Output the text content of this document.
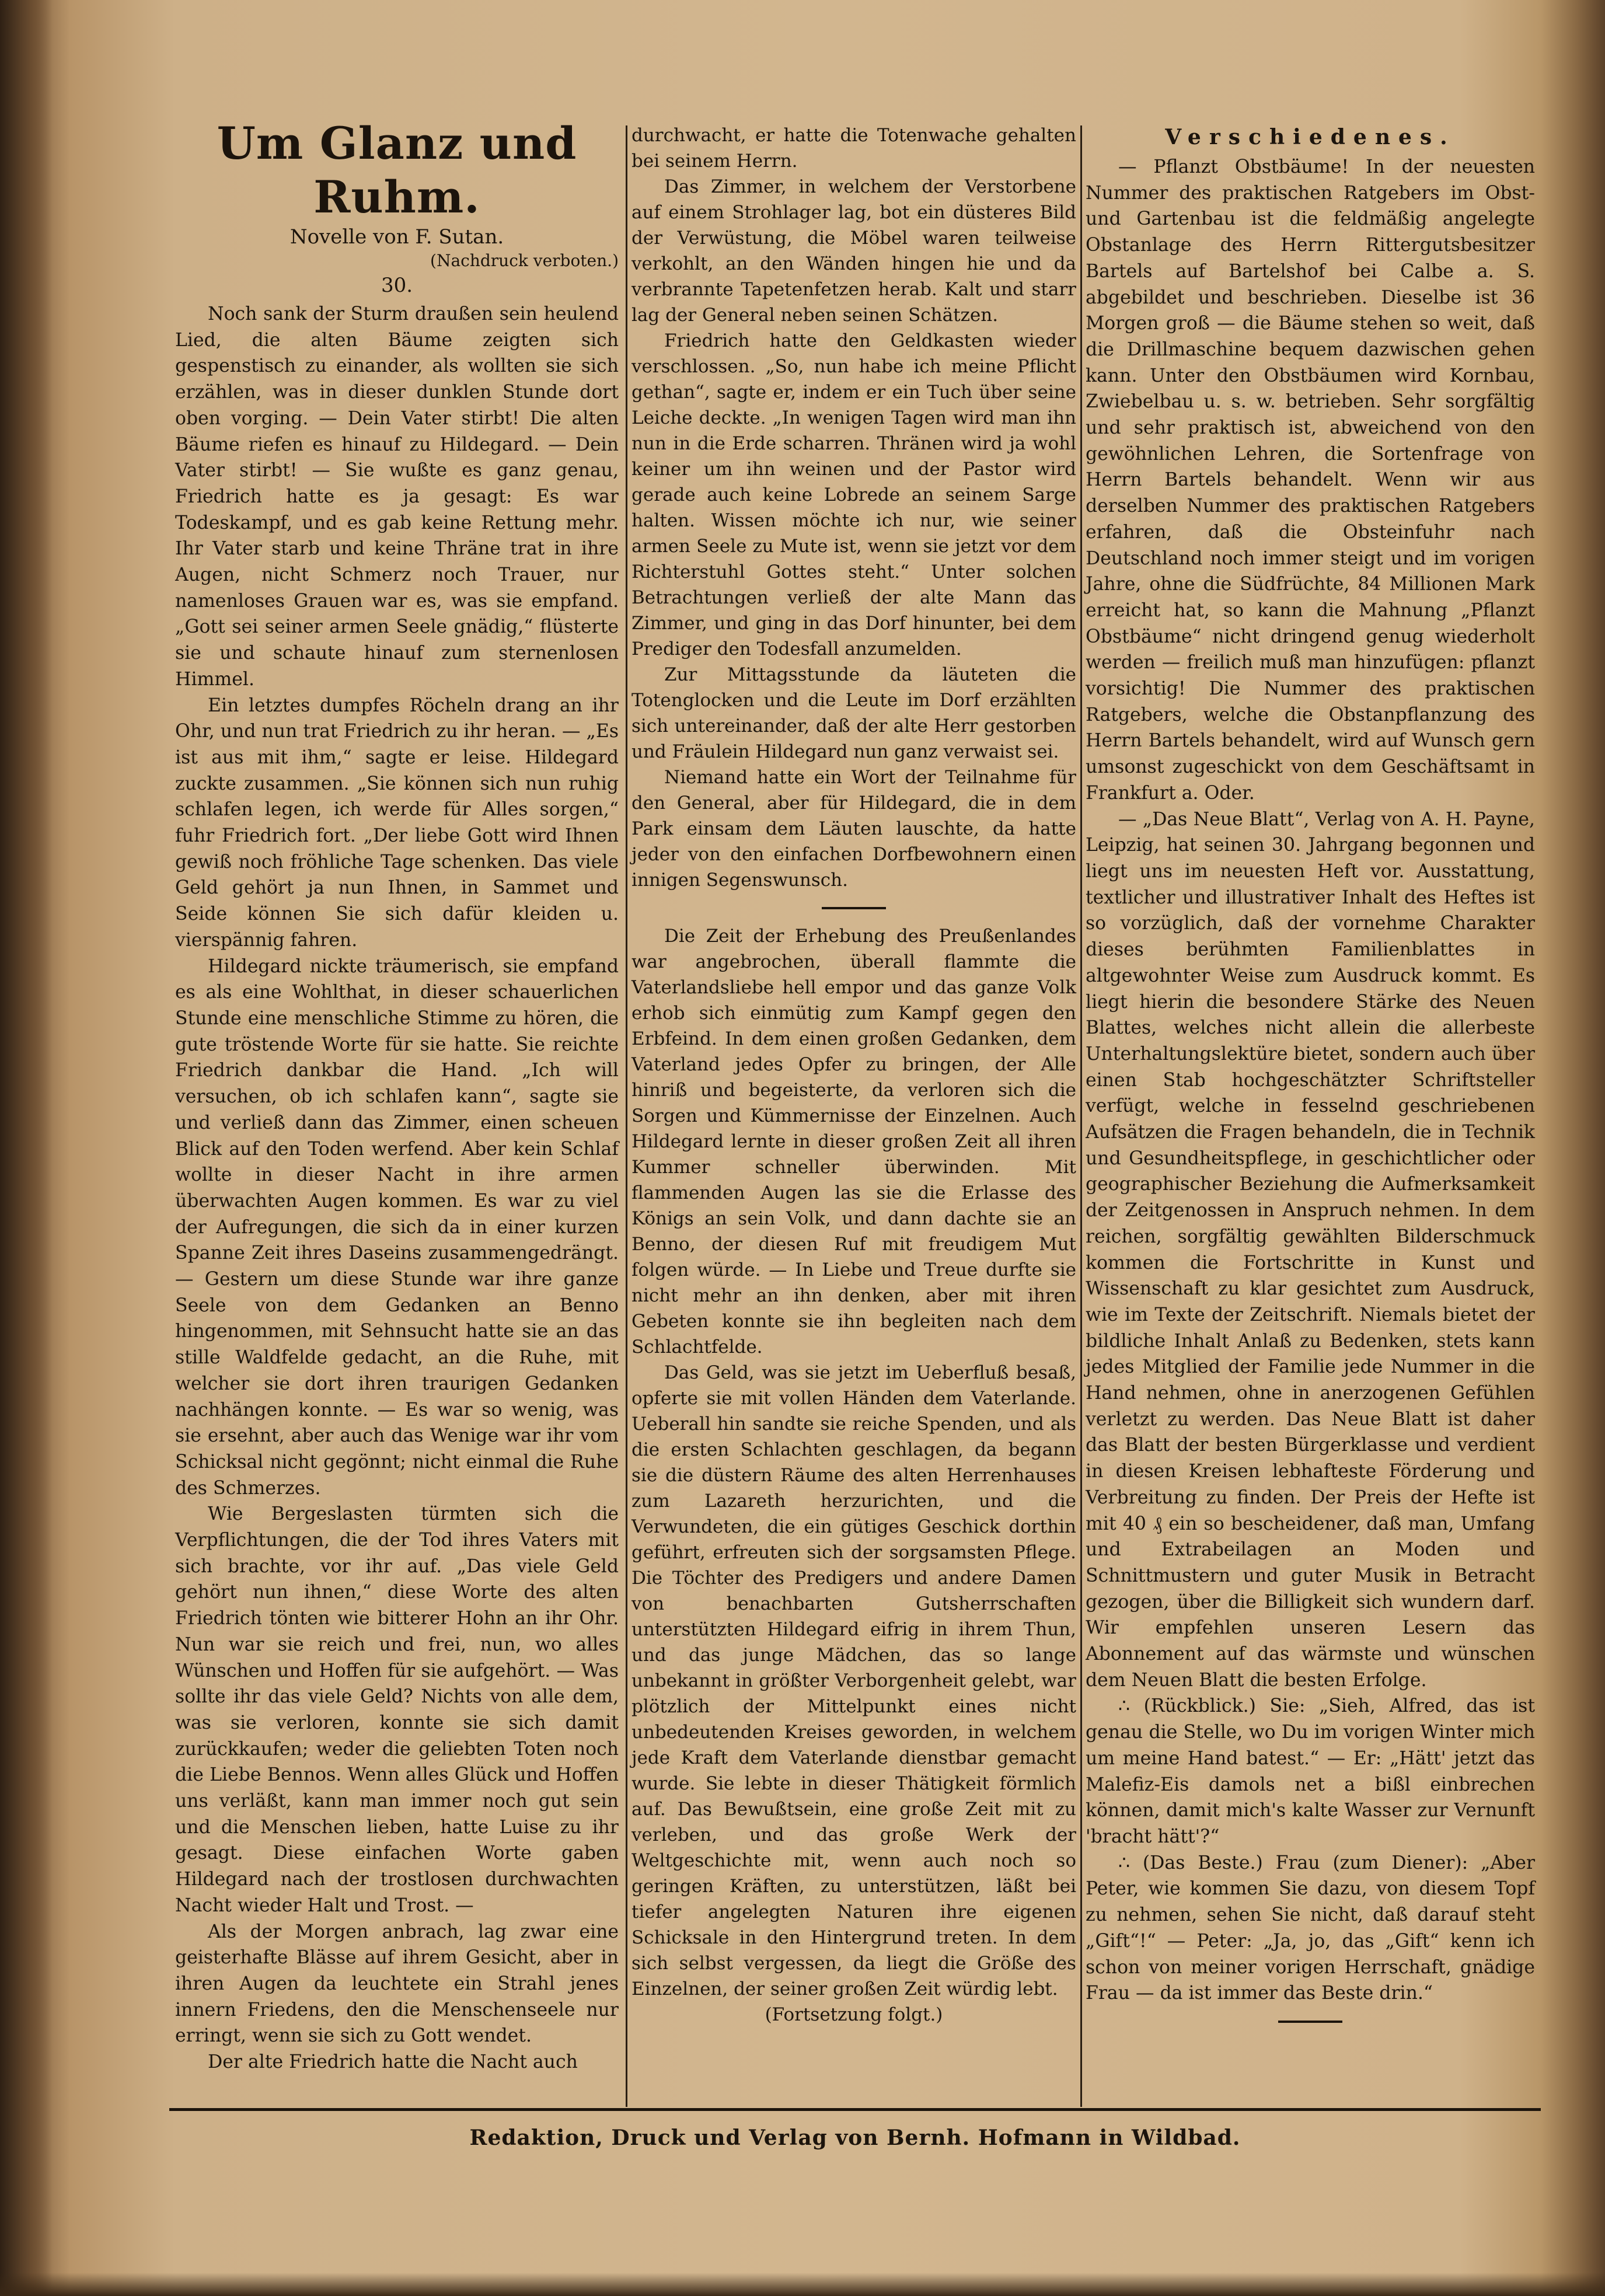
Um Glanz und Ruhm.

Novelle von F. Sutan.

(Nachdruck verboten.)

30.

Noch sank der Sturm draußen sein heulend Lied, die alten Bäume zeigten sich gespenstisch zu einander, als wollten sie sich erzählen, was in dieser dunklen Stunde dort oben vorging. — Dein Vater stirbt! Die alten Bäume riefen es hinauf zu Hildegard. — Dein Vater stirbt! — Sie wußte es ganz genau, Friedrich hatte es ja gesagt: Es war Todeskampf, und es gab keine Rettung mehr. Ihr Vater starb und keine Thräne trat in ihre Augen, nicht Schmerz noch Trauer, nur namenloses Grauen war es, was sie empfand. „Gott sei seiner armen Seele gnädig,“ flüsterte sie und schaute hinauf zum sternenlosen Himmel.

Ein letztes dumpfes Röcheln drang an ihr Ohr, und nun trat Friedrich zu ihr heran. — „Es ist aus mit ihm,“ sagte er leise. Hildegard zuckte zusammen. „Sie können sich nun ruhig schlafen legen, ich werde für Alles sorgen,“ fuhr Friedrich fort. „Der liebe Gott wird Ihnen gewiß noch fröhliche Tage schenken. Das viele Geld gehört ja nun Ihnen, in Sammet und Seide können Sie sich dafür kleiden u. vierspännig fahren.

Hildegard nickte träumerisch, sie empfand es als eine Wohlthat, in dieser schauerlichen Stunde eine menschliche Stimme zu hören, die gute tröstende Worte für sie hatte. Sie reichte Friedrich dankbar die Hand. „Ich will versuchen, ob ich schlafen kann“, sagte sie und verließ dann das Zimmer, einen scheuen Blick auf den Toden werfend. Aber kein Schlaf wollte in dieser Nacht in ihre armen überwachten Augen kommen. Es war zu viel der Aufregungen, die sich da in einer kurzen Spanne Zeit ihres Daseins zusammengedrängt. — Gestern um diese Stunde war ihre ganze Seele von dem Gedanken an Benno hingenommen, mit Sehnsucht hatte sie an das stille Waldfelde gedacht, an die Ruhe, mit welcher sie dort ihren traurigen Gedanken nachhängen konnte. — Es war so wenig, was sie ersehnt, aber auch das Wenige war ihr vom Schicksal nicht gegönnt; nicht einmal die Ruhe des Schmerzes.

Wie Bergeslasten türmten sich die Verpflichtungen, die der Tod ihres Vaters mit sich brachte, vor ihr auf. „Das viele Geld gehört nun ihnen,“ diese Worte des alten Friedrich tönten wie bitterer Hohn an ihr Ohr. Nun war sie reich und frei, nun, wo alles Wünschen und Hoffen für sie aufgehört. — Was sollte ihr das viele Geld? Nichts von alle dem, was sie verloren, konnte sie sich damit zurückkaufen; weder die geliebten Toten noch die Liebe Bennos. Wenn alles Glück und Hoffen uns verläßt, kann man immer noch gut sein und die Menschen lieben, hatte Luise zu ihr gesagt. Diese einfachen Worte gaben Hildegard nach der trostlosen durchwachten Nacht wieder Halt und Trost. —

Als der Morgen anbrach, lag zwar eine geisterhafte Blässe auf ihrem Gesicht, aber in ihren Augen da leuchtete ein Strahl jenes innern Friedens, den die Menschenseele nur erringt, wenn sie sich zu Gott wendet.

Der alte Friedrich hatte die Nacht auch

durchwacht, er hatte die Totenwache gehalten bei seinem Herrn.

Das Zimmer, in welchem der Verstorbene auf einem Strohlager lag, bot ein düsteres Bild der Verwüstung, die Möbel waren teilweise verkohlt, an den Wänden hingen hie und da verbrannte Tapetenfetzen herab. Kalt und starr lag der General neben seinen Schätzen.

Friedrich hatte den Geldkasten wieder verschlossen. „So, nun habe ich meine Pflicht gethan“, sagte er, indem er ein Tuch über seine Leiche deckte. „In wenigen Tagen wird man ihn nun in die Erde scharren. Thränen wird ja wohl keiner um ihn weinen und der Pastor wird gerade auch keine Lobrede an seinem Sarge halten. Wissen möchte ich nur, wie seiner armen Seele zu Mute ist, wenn sie jetzt vor dem Richterstuhl Gottes steht.“ Unter solchen Betrachtungen verließ der alte Mann das Zimmer, und ging in das Dorf hinunter, bei dem Prediger den Todesfall anzumelden.

Zur Mittagsstunde da läuteten die Totenglocken und die Leute im Dorf erzählten sich untereinander, daß der alte Herr gestorben und Fräulein Hildegard nun ganz verwaist sei.

Niemand hatte ein Wort der Teilnahme für den General, aber für Hildegard, die in dem Park einsam dem Läuten lauschte, da hatte jeder von den einfachen Dorfbewohnern einen innigen Segenswunsch.

Die Zeit der Erhebung des Preußenlandes war angebrochen, überall flammte die Vaterlandsliebe hell empor und das ganze Volk erhob sich einmütig zum Kampf gegen den Erbfeind. In dem einen großen Gedanken, dem Vaterland jedes Opfer zu bringen, der Alle hinriß und begeisterte, da verloren sich die Sorgen und Kümmernisse der Einzelnen. Auch Hildegard lernte in dieser großen Zeit all ihren Kummer schneller überwinden. Mit flammenden Augen las sie die Erlasse des Königs an sein Volk, und dann dachte sie an Benno, der diesen Ruf mit freudigem Mut folgen würde. — In Liebe und Treue durfte sie nicht mehr an ihn denken, aber mit ihren Gebeten konnte sie ihn begleiten nach dem Schlachtfelde.

Das Geld, was sie jetzt im Ueberfluß besaß, opferte sie mit vollen Händen dem Vaterlande. Ueberall hin sandte sie reiche Spenden, und als die ersten Schlachten geschlagen, da begann sie die düstern Räume des alten Herrenhauses zum Lazareth herzurichten, und die Verwundeten, die ein gütiges Geschick dorthin geführt, erfreuten sich der sorgsamsten Pflege. Die Töchter des Predigers und andere Damen von benachbarten Gutsherrschaften unterstützten Hildegard eifrig in ihrem Thun, und das junge Mädchen, das so lange unbekannt in größter Verborgenheit gelebt, war plötzlich der Mittelpunkt eines nicht unbedeutenden Kreises geworden, in welchem jede Kraft dem Vaterlande dienstbar gemacht wurde. Sie lebte in dieser Thätigkeit förmlich auf. Das Bewußtsein, eine große Zeit mit zu verleben, und das große Werk der Weltgeschichte mit, wenn auch noch so geringen Kräften, zu unterstützen, läßt bei tiefer angelegten Naturen ihre eigenen Schicksale in den Hintergrund treten. In dem sich selbst vergessen, da liegt die Größe des Einzelnen, der seiner großen Zeit würdig lebt.

(Fortsetzung folgt.)

Verschiedenes.

— Pflanzt Obstbäume! In der neuesten Nummer des praktischen Ratgebers im Obst- und Gartenbau ist die feldmäßig angelegte Obstanlage des Herrn Rittergutsbesitzer Bartels auf Bartelshof bei Calbe a. S. abgebildet und beschrieben. Dieselbe ist 36 Morgen groß — die Bäume stehen so weit, daß die Drillmaschine bequem dazwischen gehen kann. Unter den Obstbäumen wird Kornbau, Zwiebelbau u. s. w. betrieben. Sehr sorgfältig und sehr praktisch ist, abweichend von den gewöhnlichen Lehren, die Sortenfrage von Herrn Bartels behandelt. Wenn wir aus derselben Nummer des praktischen Ratgebers erfahren, daß die Obsteinfuhr nach Deutschland noch immer steigt und im vorigen Jahre, ohne die Südfrüchte, 84 Millionen Mark erreicht hat, so kann die Mahnung „Pflanzt Obstbäume“ nicht dringend genug wiederholt werden — freilich muß man hinzufügen: pflanzt vorsichtig! Die Nummer des praktischen Ratgebers, welche die Obstanpflanzung des Herrn Bartels behandelt, wird auf Wunsch gern umsonst zugeschickt von dem Geschäftsamt in Frankfurt a. Oder.

— „Das Neue Blatt“, Verlag von A. H. Payne, Leipzig, hat seinen 30. Jahrgang begonnen und liegt uns im neuesten Heft vor. Ausstattung, textlicher und illustrativer Inhalt des Heftes ist so vorzüglich, daß der vornehme Charakter dieses berühmten Familienblattes in altgewohnter Weise zum Ausdruck kommt. Es liegt hierin die besondere Stärke des Neuen Blattes, welches nicht allein die allerbeste Unterhaltungslektüre bietet, sondern auch über einen Stab hochgeschätzter Schriftsteller verfügt, welche in fesselnd geschriebenen Aufsätzen die Fragen behandeln, die in Technik und Gesundheitspflege, in geschichtlicher oder geographischer Beziehung die Aufmerksamkeit der Zeitgenossen in Anspruch nehmen. In dem reichen, sorgfältig gewählten Bilderschmuck kommen die Fortschritte in Kunst und Wissenschaft zu klar gesichtet zum Ausdruck, wie im Texte der Zeitschrift. Niemals bietet der bildliche Inhalt Anlaß zu Bedenken, stets kann jedes Mitglied der Familie jede Nummer in die Hand nehmen, ohne in anerzogenen Gefühlen verletzt zu werden. Das Neue Blatt ist daher das Blatt der besten Bürgerklasse und verdient in diesen Kreisen lebhafteste Förderung und Verbreitung zu finden. Der Preis der Hefte ist mit 40 ₰ ein so bescheidener, daß man, Umfang und Extrabeilagen an Moden und Schnittmustern und guter Musik in Betracht gezogen, über die Billigkeit sich wundern darf. Wir empfehlen unseren Lesern das Abonnement auf das wärmste und wünschen dem Neuen Blatt die besten Erfolge.

∴ (Rückblick.) Sie: „Sieh, Alfred, das ist genau die Stelle, wo Du im vorigen Winter mich um meine Hand batest.“ — Er: „Hätt' jetzt das Malefiz-Eis damols net a bißl einbrechen können, damit mich's kalte Wasser zur Vernunft 'bracht hätt'?“

∴ (Das Beste.) Frau (zum Diener): „Aber Peter, wie kommen Sie dazu, von diesem Topf zu nehmen, sehen Sie nicht, daß darauf steht „Gift“!“ — Peter: „Ja, jo, das „Gift“ kenn ich schon von meiner vorigen Herrschaft, gnädige Frau — da ist immer das Beste drin.“

Redaktion, Druck und Verlag von Bernh. Hofmann in Wildbad.
